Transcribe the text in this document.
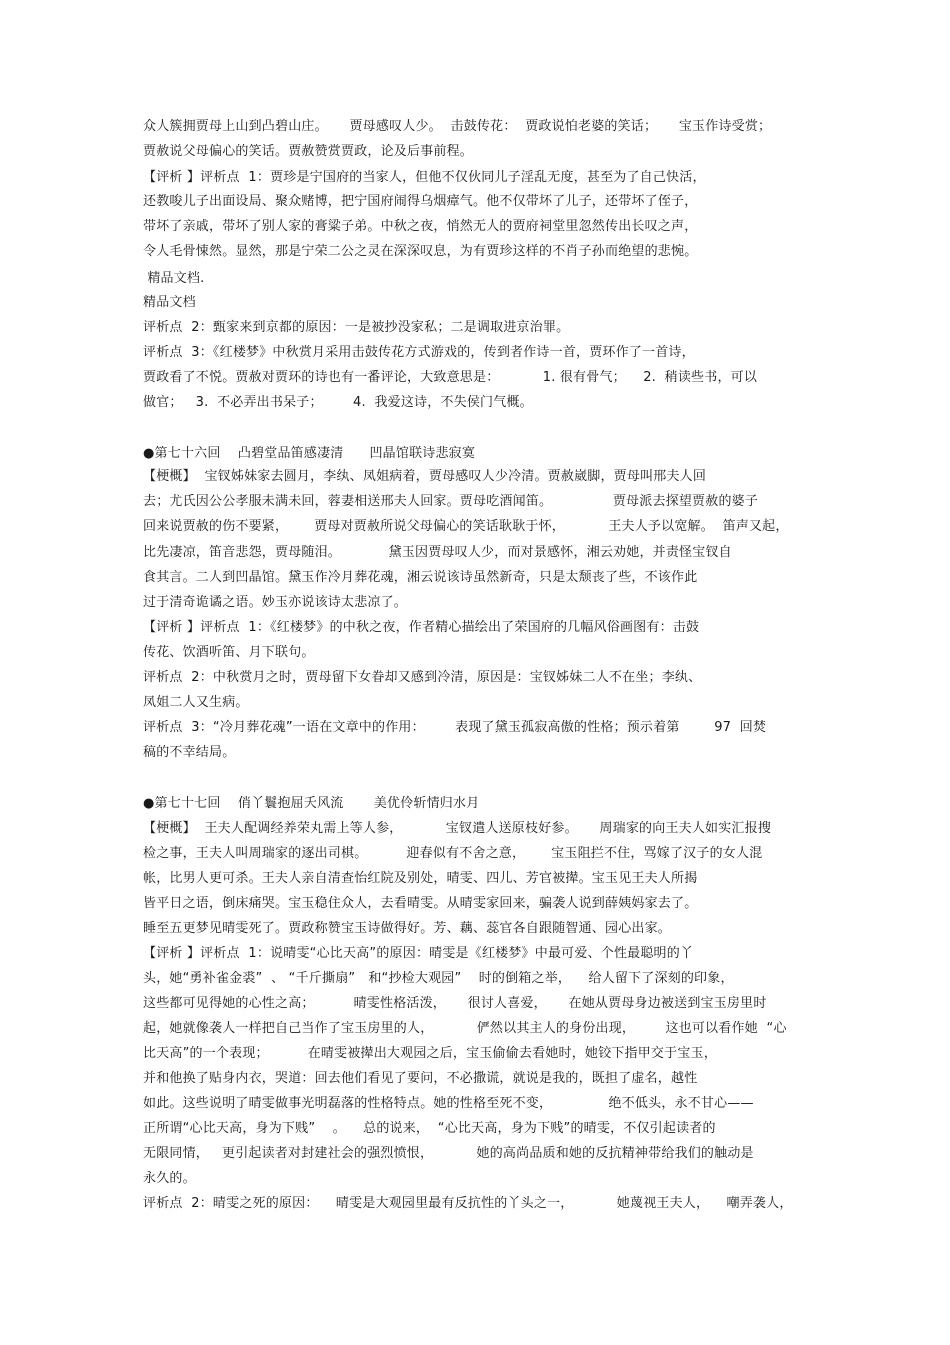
众人簇拥贾母上山到凸碧山庄。     贾母感叹人少。  击鼓传花：  贾政说怕老婆的笑话；     宝玉作诗受赏；
贾赦说父母偏心的笑话。贾赦赞赏贾政，论及后事前程。
【评析 】评析点  1：贾珍是宁国府的当家人，但他不仅伙同儿子淫乱无度，甚至为了自己快活，
还教唆儿子出面设局、聚众赌博，把宁国府闹得乌烟瘴气。他不仅带坏了儿子，还带坏了侄子，
带坏了亲戚，带坏了别人家的膏粱子弟。中秋之夜，悄然无人的贾府祠堂里忽然传出长叹之声，
令人毛骨悚然。显然，那是宁荣二公之灵在深深叹息，为有贾珍这样的不肖子孙而绝望的悲惋。
精品文档.
精品文档
评析点  2：甄家来到京都的原因：一是被抄没家私；二是调取进京治罪。
评析点  3：《红楼梦》中秋赏月采用击鼓传花方式游戏的，传到者作诗一首，贾环作了一首诗，
贾政看了不悦。贾赦对贾环的诗也有一番评论，大致意思是：          1. 很有骨气；    2.  稍读些书，可以
做官；   3.  不必弄出书呆子；       4.  我爱这诗，不失侯门气概。
●第七十六回    凸碧堂品笛感凄清      凹晶馆联诗悲寂寞
【梗概】  宝钗姊妹家去圆月，李纨、凤姐病着，贾母感叹人少冷清。贾赦崴脚，贾母叫邢夫人回
去；尤氏因公公孝服未满未回，蓉妻相送邢夫人回家。贾母吃酒闻笛。              贾母派去探望贾赦的婆子
回来说贾赦的伤不要紧，      贾母对贾赦所说父母偏心的笑话耿耿于怀，          王夫人予以宽解。  笛声又起，
比先凄凉，笛音悲怨，贾母随泪。           黛玉因贾母叹人少，而对景感怀，湘云劝她，并责怪宝钗自
食其言。二人到凹晶馆。黛玉作冷月葬花魂，湘云说该诗虽然新奇，只是太颓丧了些，不该作此
过于清奇诡谲之语。妙玉亦说该诗太悲凉了。
【评析 】评析点  1：《红楼梦》的中秋之夜，作者精心描绘出了荣国府的几幅风俗画图有：击鼓
传花、饮酒听笛、月下联句。
评析点  2：中秋赏月之时，贾母留下女眷却又感到冷清，原因是：宝钗姊妹二人不在坐；李纨、
凤姐二人又生病。
评析点  3：“冷月葬花魂”一语在文章中的作用：       表现了黛玉孤寂高傲的性格；预示着第        97  回焚
稿的不幸结局。
●第七十七回    俏丫鬟抱屈夭风流       美优伶斩情归水月
【梗概】  王夫人配调经养荣丸需上等人参，          宝钗遣人送原枝好参。     周瑞家的向王夫人如实汇报搜
检之事，王夫人叫周瑞家的逐出司棋。         迎春似有不舍之意，      宝玉阻拦不住，骂嫁了汉子的女人混
帐，比男人更可杀。王夫人亲自清查怡红院及别处，晴雯、四儿、芳官被撵。宝玉见王夫人所揭
皆平日之语，倒床痛哭。宝玉稳住众人，去看晴雯。从晴雯家回来，骗袭人说到薛姨妈家去了。
睡至五更梦见晴雯死了。贾政称赞宝玉诗做得好。芳、藕、蕊官各自跟随智通、园心出家。
【评析 】评析点  1：说晴雯“心比天高”的原因：晴雯是《红楼梦》中最可爱、个性最聪明的丫
头，她“勇补雀金裘”  、 “千斤撕扇”   和“抄检大观园”    时的倒箱之举，    给人留下了深刻的印象，
这些都可见得她的心性之高；         晴雯性格活泼，     很讨人喜爱，     在她从贾母身边被送到宝玉房里时
起，她就像袭人一样把自己当作了宝玉房里的人，          俨然以其主人的身份出现，       这也可以看作她  “心
比天高”的一个表现；         在晴雯被撵出大观园之后，宝玉偷偷去看她时，她铰下指甲交于宝玉，
并和他换了贴身内衣，哭道：回去他们看见了要问，不必撒谎，就说是我的，既担了虚名，越性
如此。这些说明了晴雯做事光明磊落的性格特点。她的性格至死不变，             绝不低头，永不甘心——
正所谓“心比天高，身为下贱”    。    总的说来，  “心比天高，身为下贱”的晴雯，不仅引起读者的
无限同情，   更引起读者对封建社会的强烈愤恨，          她的高尚品质和她的反抗精神带给我们的触动是
永久的。
评析点  2：晴雯之死的原因：    晴雯是大观园里最有反抗性的丫头之一，          她蔑视王夫人，    嘲弄袭人，
